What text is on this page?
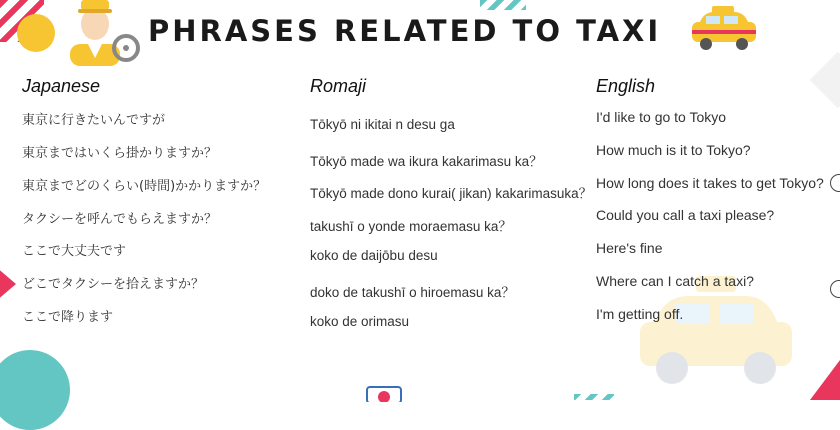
PHRASES RELATED TO TAXI
Japanese	Romaji	English
東京に行きたいんですが
東京まではいくら掛かりますか？
東京までどのくらい(時間)かかりますか？
タクシーを呼んでもらえますか？
ここで大丈夫です
どこでタクシーを拾えますか？
ここで降ります
Tōkyō ni ikitai n desu ga
Tōkyō made wa ikura kakarimasu ka？
Tōkyō made dono kurai( jikan) kakarimasuka？
takushī o yonde moraemasu ka？
koko de daijōbu desu
doko de takushī o hiroemasu ka？
koko de orimasu
I'd like to go to Tokyo
How much is it to Tokyo?
How long does it takes to get Tokyo?
Could you call a taxi please?
Here's fine
Where can I catch a taxi?
I'm getting off.
